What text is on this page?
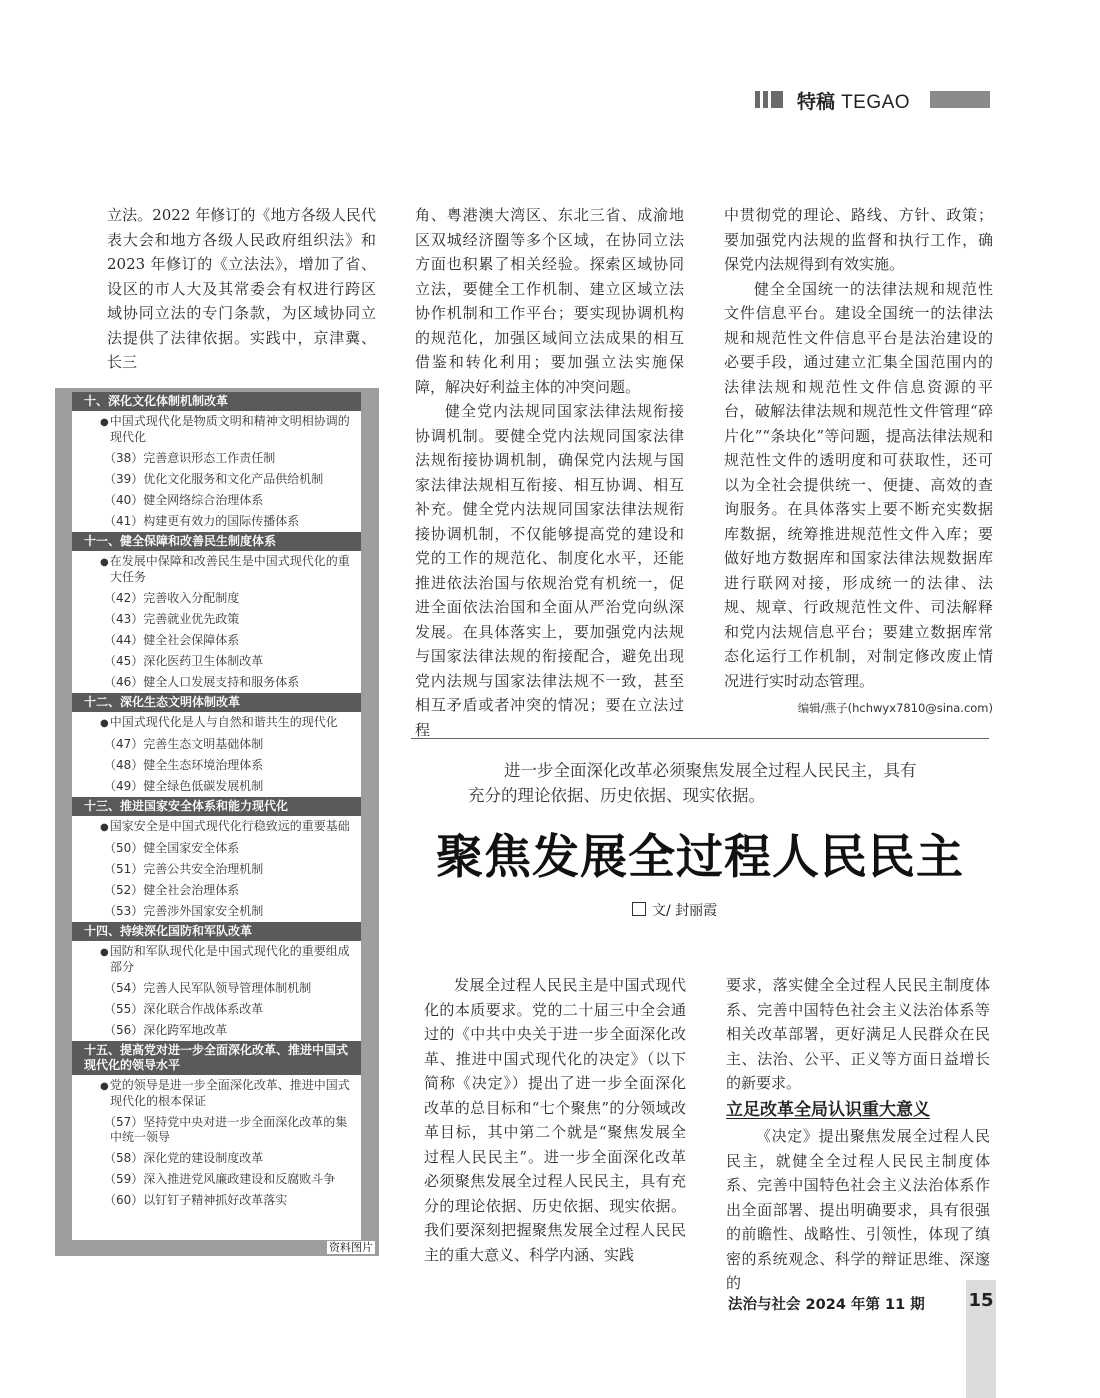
特稿 TEGAO

立法。2022 年修订的《地方各级人民代表大会和地方各级人民政府组织法》和 2023 年修订的《立法法》，增加了省、设区的市人大及其常委会有权进行跨区域协同立法的专门条款，为区域协同立法提供了法律依据。实践中，京津冀、长三

角、粤港澳大湾区、东北三省、成渝地区双城经济圈等多个区域，在协同立法方面也积累了相关经验。探索区域协同立法，要健全工作机制、建立区域立法协作机制和工作平台；要实现协调机构的规范化，加强区域间立法成果的相互借鉴和转化利用；要加强立法实施保障，解决好利益主体的冲突问题。

健全党内法规同国家法律法规衔接协调机制。要健全党内法规同国家法律法规衔接协调机制，确保党内法规与国家法律法规相互衔接、相互协调、相互补充。健全党内法规同国家法律法规衔接协调机制，不仅能够提高党的建设和党的工作的规范化、制度化水平，还能推进依法治国与依规治党有机统一，促进全面依法治国和全面从严治党向纵深发展。在具体落实上，要加强党内法规与国家法律法规的衔接配合，避免出现党内法规与国家法律法规不一致，甚至相互矛盾或者冲突的情况；要在立法过程

中贯彻党的理论、路线、方针、政策；要加强党内法规的监督和执行工作，确保党内法规得到有效实施。

健全全国统一的法律法规和规范性文件信息平台。建设全国统一的法律法规和规范性文件信息平台是法治建设的必要手段，通过建立汇集全国范围内的法律法规和规范性文件信息资源的平台，破解法律法规和规范性文件管理“碎片化”“条块化”等问题，提高法律法规和规范性文件的透明度和可获取性，还可以为全社会提供统一、便捷、高效的查询服务。在具体落实上要不断充实数据库数据，统筹推进规范性文件入库；要做好地方数据库和国家法律法规数据库进行联网对接，形成统一的法律、法规、规章、行政规范性文件、司法解释和党内法规信息平台；要建立数据库常态化运行工作机制，对制定修改废止情况进行实时动态管理。

编辑/燕子(hchwyx7810@sina.com)
十、深化文化体制机制改革
● 中国式现代化是物质文明和精神文明相协调的现代化
（38）完善意识形态工作责任制
（39）优化文化服务和文化产品供给机制
（40）健全网络综合治理体系
（41）构建更有效力的国际传播体系
十一、健全保障和改善民生制度体系
● 在发展中保障和改善民生是中国式现代化的重大任务
（42）完善收入分配制度
（43）完善就业优先政策
（44）健全社会保障体系
（45）深化医药卫生体制改革
（46）健全人口发展支持和服务体系
十二、深化生态文明体制改革
● 中国式现代化是人与自然和谐共生的现代化
（47）完善生态文明基础体制
（48）健全生态环境治理体系
（49）健全绿色低碳发展机制
十三、推进国家安全体系和能力现代化
● 国家安全是中国式现代化行稳致远的重要基础
（50）健全国家安全体系
（51）完善公共安全治理机制
（52）健全社会治理体系
（53）完善涉外国家安全机制
十四、持续深化国防和军队改革
● 国防和军队现代化是中国式现代化的重要组成部分
（54）完善人民军队领导管理体制机制
（55）深化联合作战体系改革
（56）深化跨军地改革
十五、提高党对进一步全面深化改革、推进中国式现代化的领导水平
● 党的领导是进一步全面深化改革、推进中国式现代化的根本保证
（57）坚持党中央对进一步全面深化改革的集中统一领导
（58）深化党的建设制度改革
（59）深入推进党风廉政建设和反腐败斗争
（60）以钉钉子精神抓好改革落实
资料图片
进一步全面深化改革必须聚焦发展全过程人民民主，具有
充分的理论依据、历史依据、现实依据。
聚焦发展全过程人民民主
文/ 封丽霞

发展全过程人民民主是中国式现代化的本质要求。党的二十届三中全会通过的《中共中央关于进一步全面深化改革、推进中国式现代化的决定》（以下简称《决定》）提出了进一步全面深化改革的总目标和“七个聚焦”的分领域改革目标，其中第二个就是“聚焦发展全过程人民民主”。进一步全面深化改革必须聚焦发展全过程人民民主，具有充分的理论依据、历史依据、现实依据。我们要深刻把握聚焦发展全过程人民民主的重大意义、科学内涵、实践

要求，落实健全全过程人民民主制度体系、完善中国特色社会主义法治体系等相关改革部署，更好满足人民群众在民主、法治、公平、正义等方面日益增长的新要求。

立足改革全局认识重大意义

《决定》提出聚焦发展全过程人民民主，就健全全过程人民民主制度体系、完善中国特色社会主义法治体系作出全面部署、提出明确要求，具有很强的前瞻性、战略性、引领性，体现了缜密的系统观念、科学的辩证思维、深邃的

法治与社会 2024 年第 11 期 15
